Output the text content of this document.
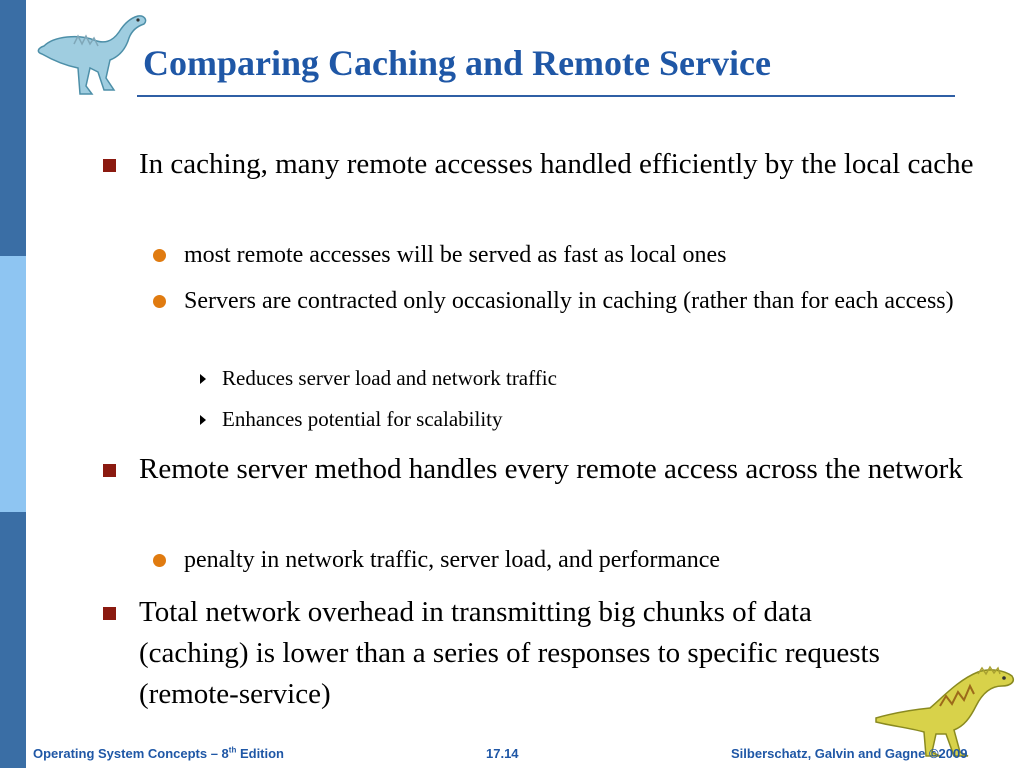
Comparing Caching and Remote Service
In caching, many remote accesses handled efficiently by the local cache
most remote accesses will be served as fast as local ones
Servers are contracted only occasionally in caching (rather than for each access)
Reduces server load and network traffic
Enhances potential for scalability
Remote server method handles every remote access across the network
penalty in network traffic, server load, and performance
Total network overhead in transmitting big chunks of data (caching) is lower than a series of responses to specific requests (remote-service)
Operating System Concepts – 8th Edition	17.14	Silberschatz, Galvin and Gagne ©2009
